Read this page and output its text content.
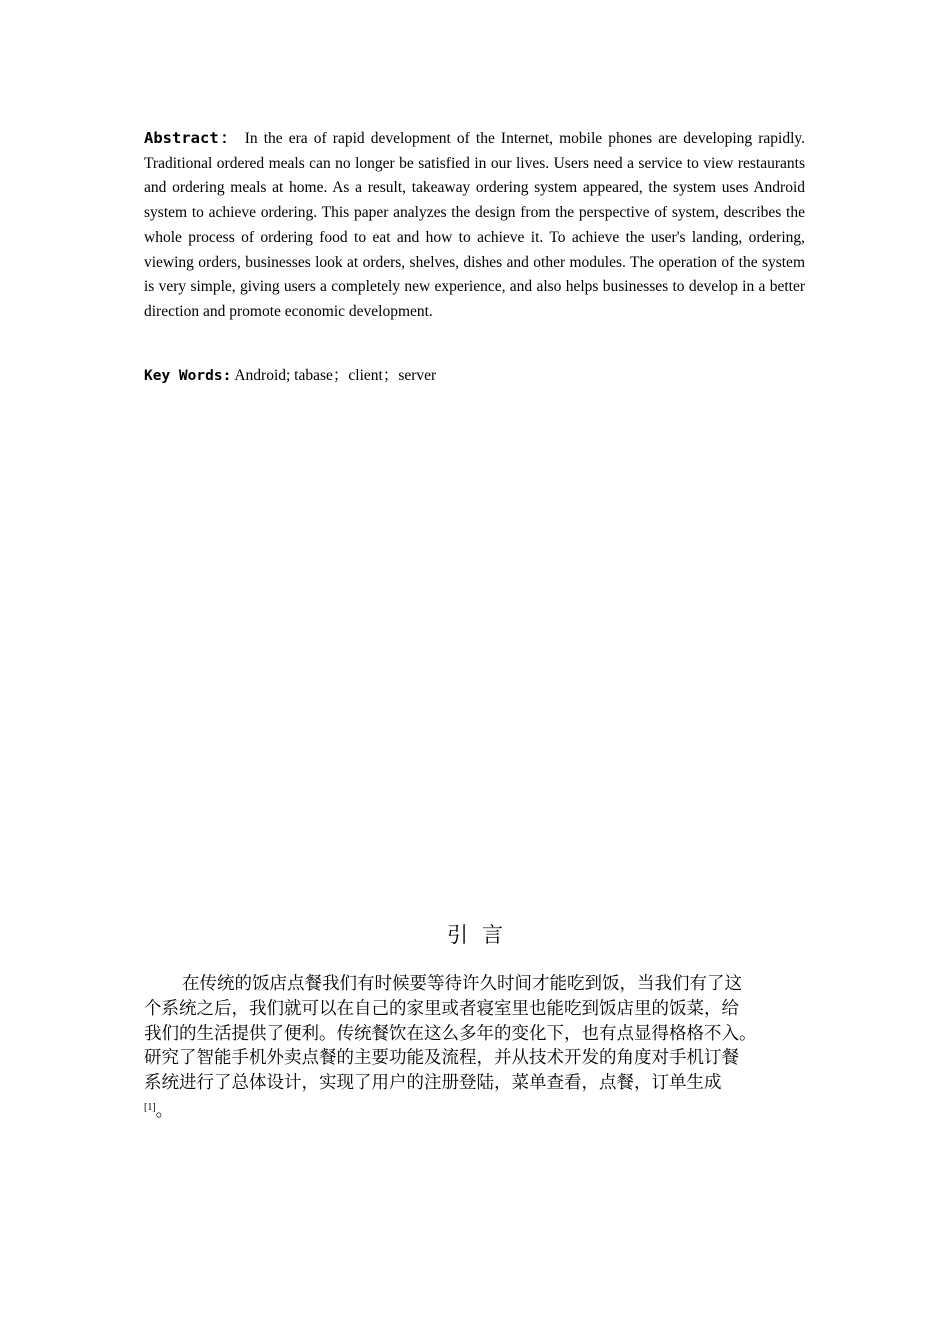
Abstract： In the era of rapid development of the Internet, mobile phones are developing rapidly. Traditional ordered meals can no longer be satisfied in our lives. Users need a service to view restaurants and ordering meals at home. As a result, takeaway ordering system appeared, the system uses Android system to achieve ordering. This paper analyzes the design from the perspective of system, describes the whole process of ordering food to eat and how to achieve it. To achieve the user's landing, ordering, viewing orders, businesses look at orders, shelves, dishes and other modules. The operation of the system is very simple, giving users a completely new experience, and also helps businesses to develop in a better direction and promote economic development.

Key Words: Android; tabase；client；server

引言
在传统的饭店点餐我们有时候要等待许久时间才能吃到饭，当我们有了这
个系统之后，我们就可以在自己的家里或者寝室里也能吃到饭店里的饭菜，给
我们的生活提供了便利。传统餐饮在这么多年的变化下，也有点显得格格不入。
研究了智能手机外卖点餐的主要功能及流程，并从技术开发的角度对手机订餐
系统进行了总体设计，实现了用户的注册登陆，菜单查看，点餐，订单生成
[1]。
